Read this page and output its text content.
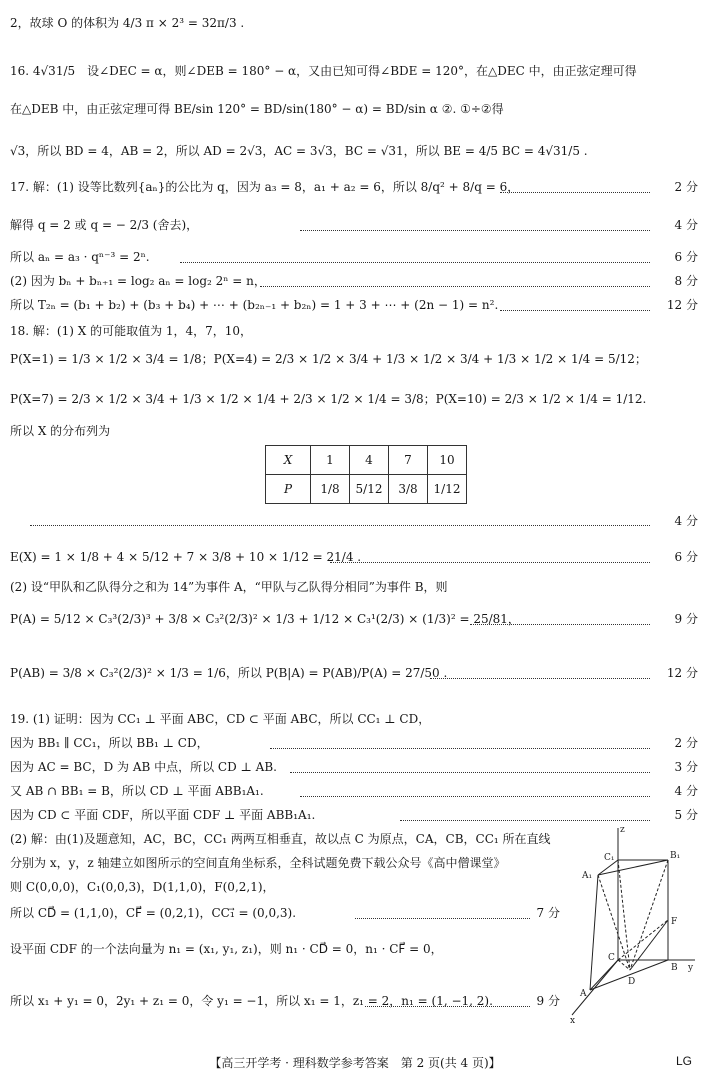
2，故球 O 的体积为 4/3 π × 2³ = 32π/3 .
16. 4√31/5　设∠DEC = α，则∠DEB = 180° − α，又由已知可得∠BDE = 120°，在△DEC 中，由正弦定理可得
在△DEB 中，由正弦定理可得 BE/sin 120° = BD/sin(180° − α) = BD/sin α ②. ①÷②得
√3，所以 BD = 4，AB = 2，所以 AD = 2√3，AC = 3√3，BC = √31，所以 BE = 4/5 BC = 4√31/5 .
17. 解：(1) 设等比数列{aₙ}的公比为 q，因为 a₃ = 8，a₁ + a₂ = 6，所以 8/q² + 8/q = 6，
解得 q = 2 或 q = − 2/3 (舍去)，
所以 aₙ = a₃ · qⁿ⁻³ = 2ⁿ.
(2) 因为 bₙ + bₙ₊₁ = log₂ aₙ = log₂ 2ⁿ = n，
所以 T₂ₙ = (b₁ + b₂) + (b₃ + b₄) + ⋯ + (b₂ₙ₋₁ + b₂ₙ) = 1 + 3 + ⋯ + (2n − 1) = n².
18. 解：(1) X 的可能取值为 1，4，7，10，
P(X=1) = 1/3 × 1/2 × 3/4 = 1/8；P(X=4) = 2/3 × 1/2 × 3/4 + 1/3 × 1/2 × 3/4 + 1/3 × 1/2 × 1/4 = 5/12；
P(X=7) = 2/3 × 1/2 × 3/4 + 1/3 × 1/2 × 1/4 + 2/3 × 1/2 × 1/4 = 3/8；P(X=10) = 2/3 × 1/2 × 1/4 = 1/12.
所以 X 的分布列为
X	1	4	7	10
P	1/8	5/12	3/8	1/12
E(X) = 1 × 1/8 + 4 × 5/12 + 7 × 3/8 + 10 × 1/12 = 21/4 .
(2) 设“甲队和乙队得分之和为 14”为事件 A，“甲队与乙队得分相同”为事件 B，则
P(A) = 5/12 × C₃³(2/3)³ + 3/8 × C₃²(2/3)² × 1/3 + 1/12 × C₃¹(2/3) × (1/3)² = 25/81，
P(AB) = 3/8 × C₃²(2/3)² × 1/3 = 1/6，所以 P(B|A) = P(AB)/P(A) = 27/50 .
19. (1) 证明：因为 CC₁ ⊥ 平面 ABC，CD ⊂ 平面 ABC，所以 CC₁ ⊥ CD，
因为 BB₁ ∥ CC₁，所以 BB₁ ⊥ CD，
因为 AC = BC，D 为 AB 中点，所以 CD ⊥ AB.
又 AB ∩ BB₁ = B，所以 CD ⊥ 平面 ABB₁A₁.
因为 CD ⊂ 平面 CDF，所以平面 CDF ⊥ 平面 ABB₁A₁.
(2) 解：由(1)及题意知，AC，BC，CC₁ 两两互相垂直，故以点 C 为原点，CA，CB，CC₁ 所在直线
分别为 x，y，z 轴建立如图所示的空间直角坐标系，全科试题免费下载公众号《高中僧课堂》
则 C(0,0,0)，C₁(0,0,3)，D(1,1,0)，F(0,2,1)，
所以 CD⃗ = (1,1,0)，CF⃗ = (0,2,1)，CC₁⃗ = (0,0,3).
设平面 CDF 的一个法向量为 n₁ = (x₁, y₁, z₁)，则 n₁ · CD⃗ = 0，n₁ · CF⃗ = 0，
所以 x₁ + y₁ = 0，2y₁ + z₁ = 0，令 y₁ = −1，所以 x₁ = 1，z₁ = 2，n₁ = (1, −1, 2).
2 分
4 分
6 分
8 分
12 分
4 分
6 分
9 分
12 分
2 分
3 分
4 分
5 分
7 分
9 分
z
C₁	B₁
A₁
F
C
B y
A
D
x
【高三开学考 · 理科数学参考答案　第 2 页(共 4 页)】	LG
